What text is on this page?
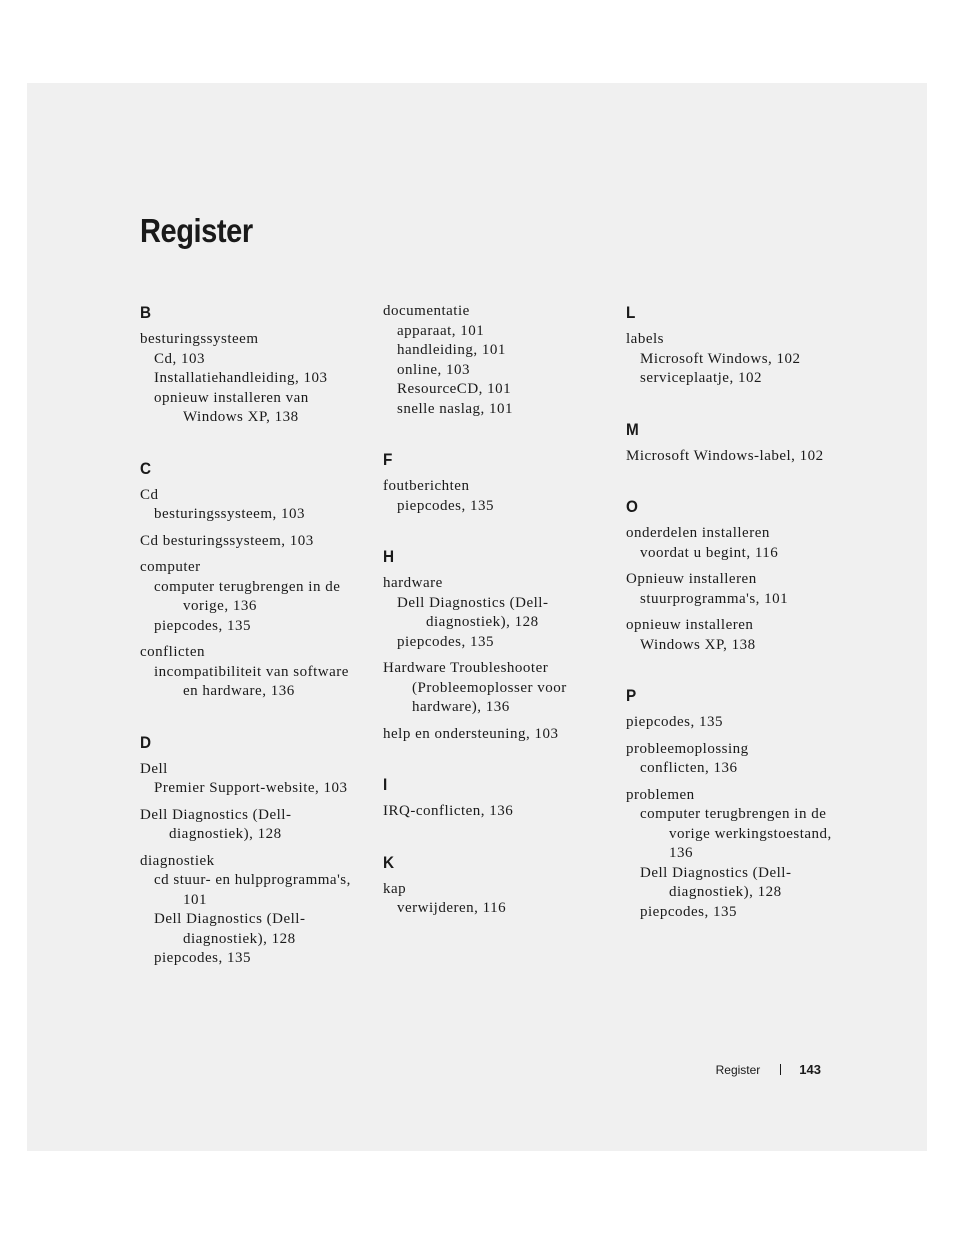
Register
B
besturingssysteem
Cd, 103
Installatiehandleiding, 103
opnieuw installeren van Windows XP, 138
C
Cd
besturingssysteem, 103
Cd besturingssysteem, 103
computer
computer terugbrengen in de vorige, 136
piepcodes, 135
conflicten
incompatibiliteit van software en hardware, 136
D
Dell
Premier Support-website, 103
Dell Diagnostics (Dell-diagnostiek), 128
diagnostiek
cd stuur- en hulpprogramma's, 101
Dell Diagnostics (Dell-diagnostiek), 128
piepcodes, 135
documentatie
apparaat, 101
handleiding, 101
online, 103
ResourceCD, 101
snelle naslag, 101
F
foutberichten
piepcodes, 135
H
hardware
Dell Diagnostics (Dell-diagnostiek), 128
piepcodes, 135
Hardware Troubleshooter (Probleemoplosser voor hardware), 136
help en ondersteuning, 103
I
IRQ-conflicten, 136
K
kap
verwijderen, 116
L
labels
Microsoft Windows, 102
serviceplaatje, 102
M
Microsoft Windows-label, 102
O
onderdelen installeren
voordat u begint, 116
Opnieuw installeren
stuurprogramma's, 101
opnieuw installeren
Windows XP, 138
P
piepcodes, 135
probleemoplossing
conflicten, 136
problemen
computer terugbrengen in de vorige werkingstoestand, 136
Dell Diagnostics (Dell-diagnostiek), 128
piepcodes, 135
Register	143
